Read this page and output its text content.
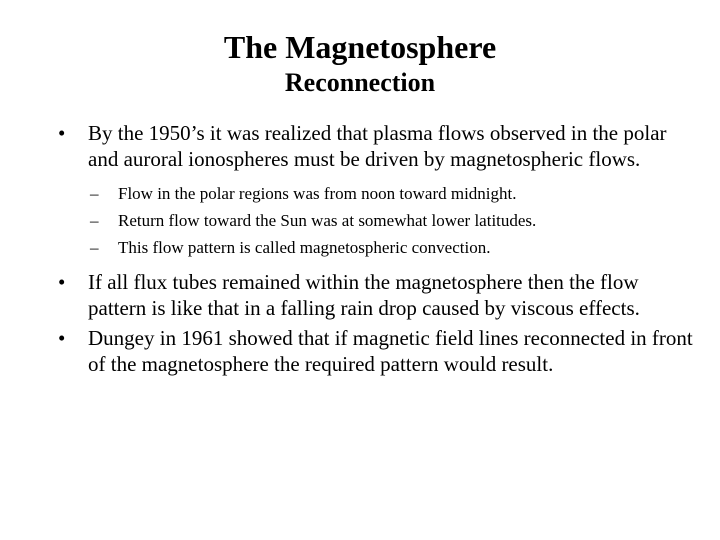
The Magnetosphere
Reconnection
• By the 1950’s it was realized that plasma flows observed in the polar and auroral ionospheres must be driven by magnetospheric flows.
– Flow in the polar regions was from noon toward midnight.
– Return flow toward the Sun was at somewhat lower latitudes.
– This flow pattern is called magnetospheric convection.
• If all flux tubes remained within the magnetosphere then the flow pattern is like that in a falling rain drop caused by viscous effects.
• Dungey in 1961 showed that if magnetic field lines reconnected in front of the magnetosphere the required pattern would result.
